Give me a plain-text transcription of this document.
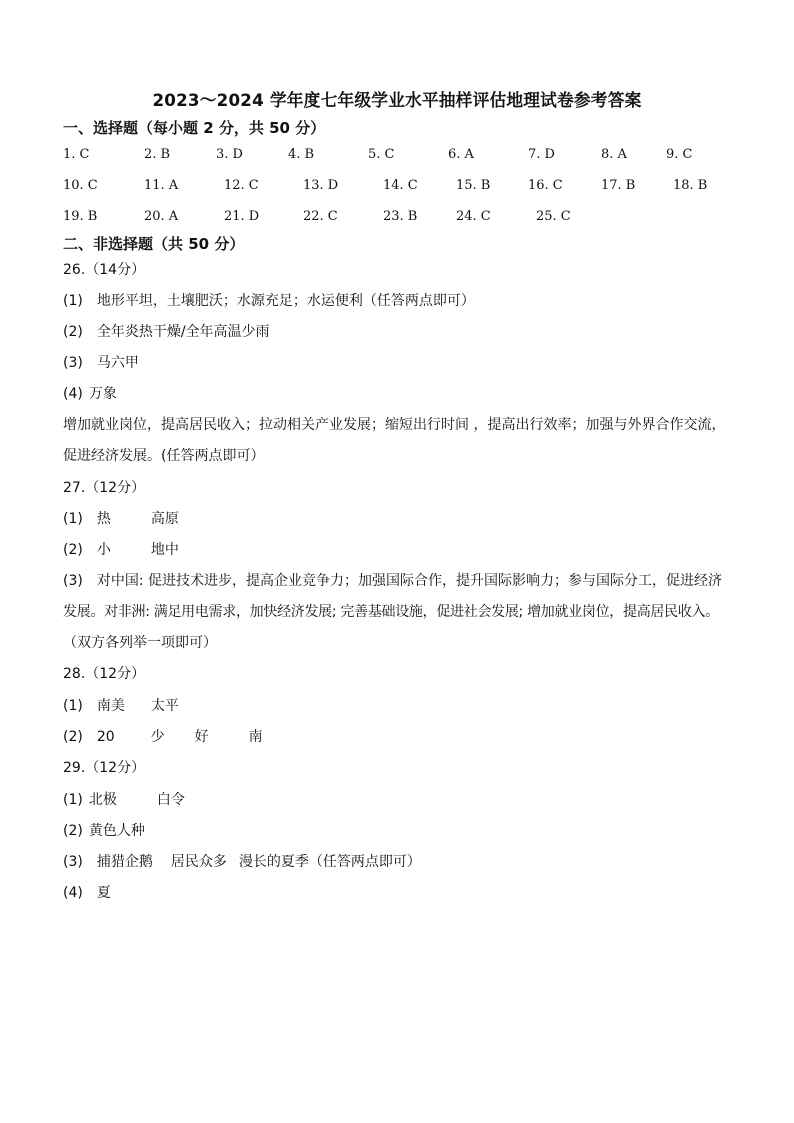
2023～2024 学年度七年级学业水平抽样评估地理试卷参考答案
一、选择题（每小题 2 分，共 50 分）
1. C	2. B	3. D	4. B	5. C	6. A	7. D	8. A	9. C
10. C	11. A	12. C	13. D	14. C	15. B	16. C	17. B	18. B
19. B	20. A	21. D	22. C	23. B	24. C	25. C
二、非选择题（共 50 分）
26.（14分）
(1) 地形平坦，土壤肥沃；水源充足；水运便利（任答两点即可）
(2) 全年炎热干燥/全年高温少雨
(3) 马六甲
(4) 万象
增加就业岗位，提高居民收入；拉动相关产业发展；缩短出行时间 ，提高出行效率；加强与外界合作交流，
促进经济发展。(任答两点即可）
27.（12分）
(1) 热	高原
(2) 小	地中
(3) 对中国: 促进技术进步，提高企业竞争力；加强国际合作，提升国际影响力；参与国际分工，促进经济
发展。对非洲: 满足用电需求，加快经济发展; 完善基础设施，促进社会发展; 增加就业岗位，提高居民收入。
（双方各列举一项即可）
28.（12分）
(1) 南美 太平
(2) 20	少 好	南
29.（12分）
(1) 北极	白令
(2) 黄色人种
(3) 捕猎企鹅 居民众多 漫长的夏季（任答两点即可）
(4) 夏
